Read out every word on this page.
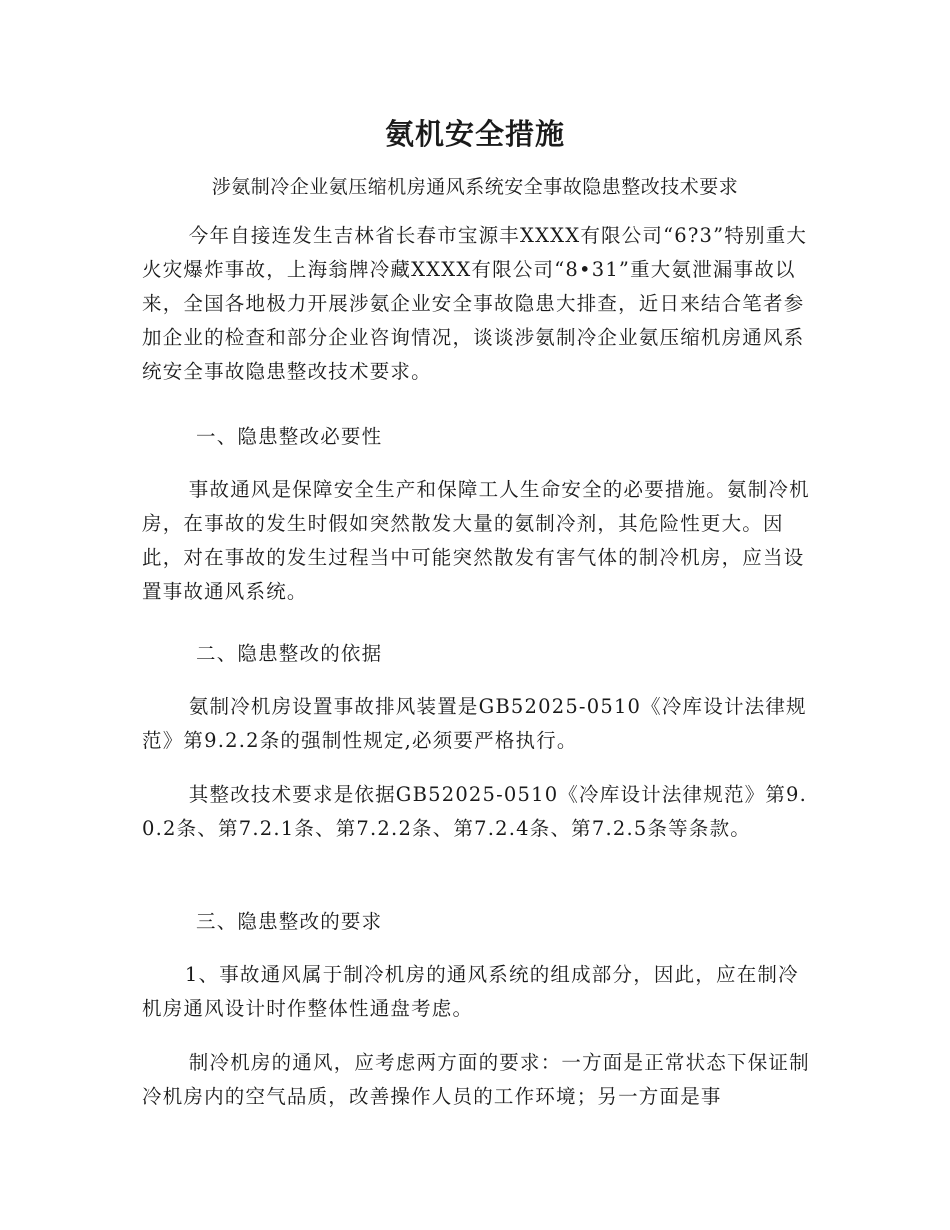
氨机安全措施

涉氨制冷企业氨压缩机房通风系统安全事故隐患整改技术要求

今年自接连发生吉林省长春市宝源丰XXXX有限公司“6?3”特别重大火灾爆炸事故，上海翁牌冷藏XXXX有限公司“8•31”重大氨泄漏事故以来，全国各地极力开展涉氨企业安全事故隐患大排查，近日来结合笔者参加企业的检查和部分企业咨询情况，谈谈涉氨制冷企业氨压缩机房通风系统安全事故隐患整改技术要求。

一、隐患整改必要性

事故通风是保障安全生产和保障工人生命安全的必要措施。氨制冷机房，在事故的发生时假如突然散发大量的氨制冷剂，其危险性更大。因此，对在事故的发生过程当中可能突然散发有害气体的制冷机房，应当设置事故通风系统。

二、隐患整改的依据

氨制冷机房设置事故排风装置是GB52025-0510《冷库设计法律规范》第9.2.2条的强制性规定,必须要严格执行。

其整改技术要求是依据GB52025-0510《冷库设计法律规范》第9.0.2条、第7.2.1条、第7.2.2条、第7.2.4条、第7.2.5条等条款。

三、隐患整改的要求

1、事故通风属于制冷机房的通风系统的组成部分，因此，应在制冷机房通风设计时作整体性通盘考虑。

制冷机房的通风，应考虑两方面的要求：一方面是正常状态下保证制冷机房内的空气品质，改善操作人员的工作环境；另一方面是事
